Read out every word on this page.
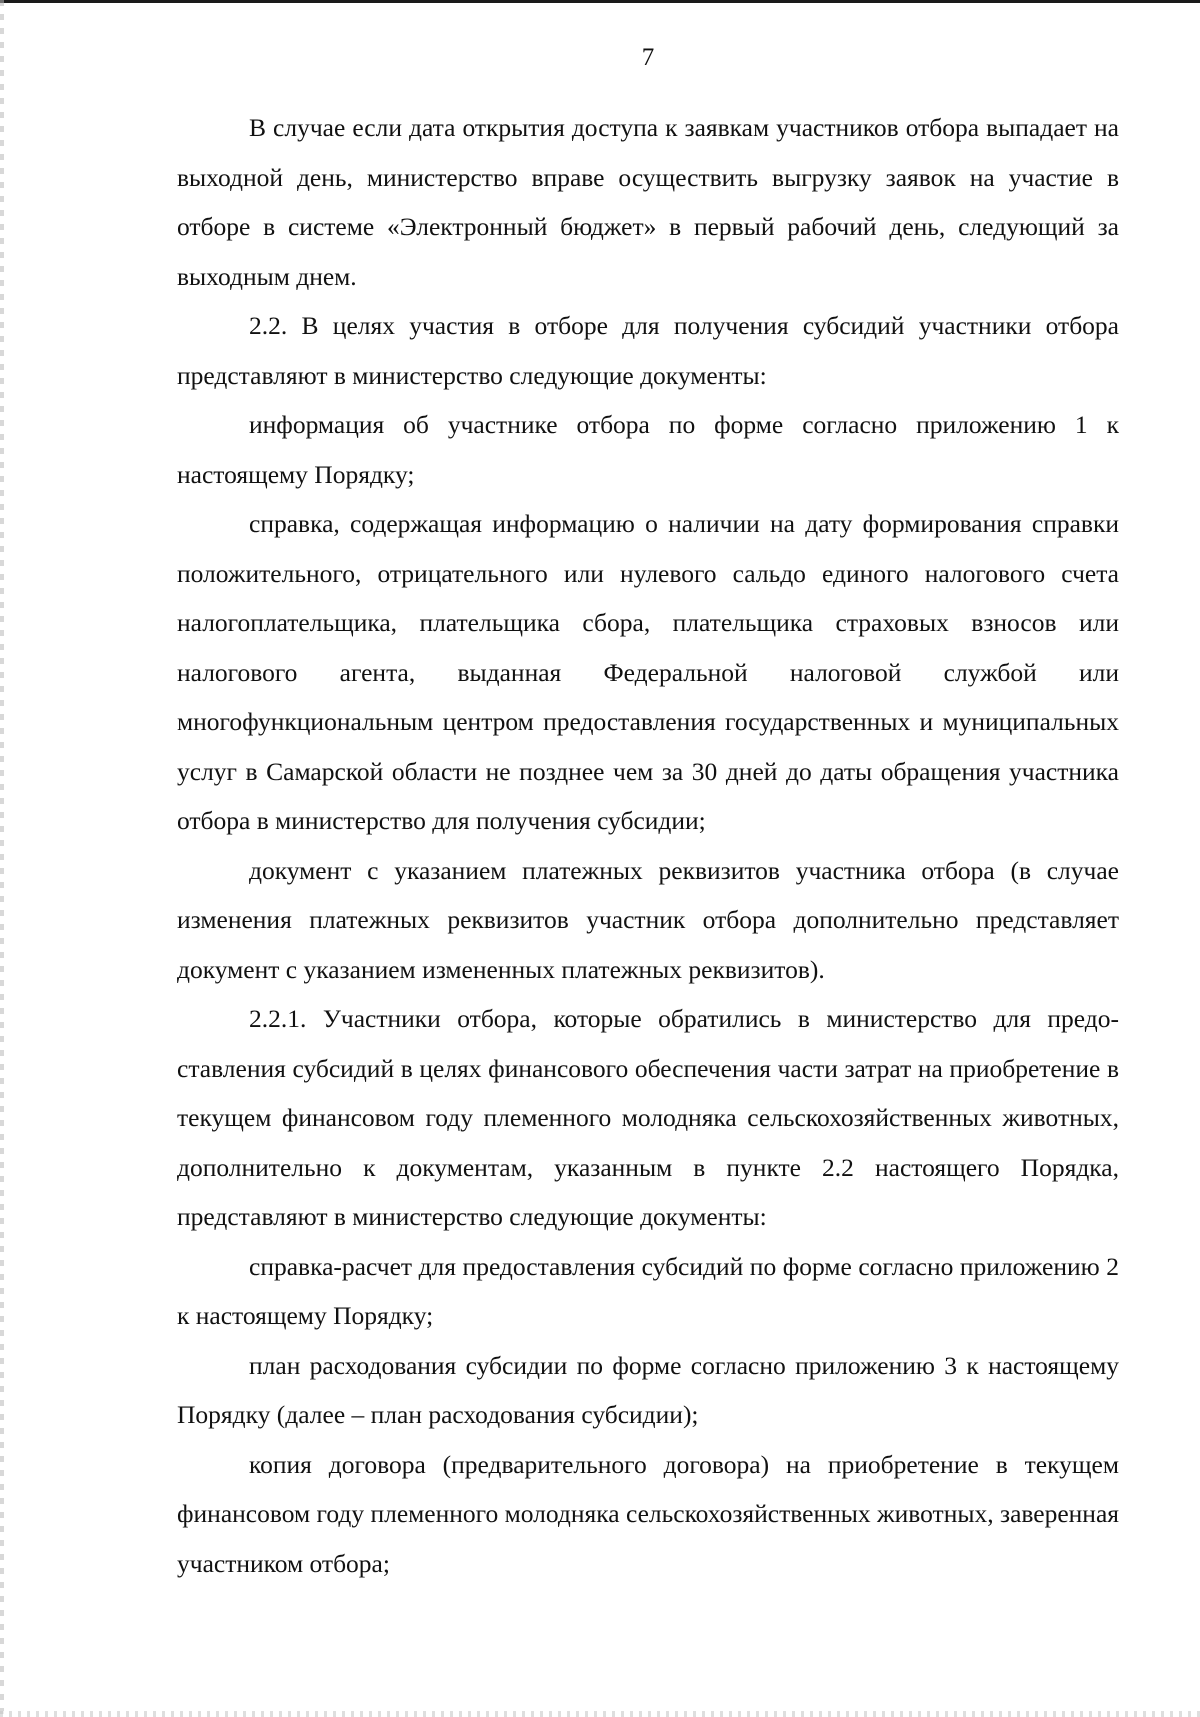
7

В случае если дата открытия доступа к заявкам участников отбора выпадает на выходной день, министерство вправе осуществить выгрузку заявок на участие в отборе в системе «Электронный бюджет» в первый рабочий день, следующий за выходным днем.

2.2. В целях участия в отборе для получения субсидий участники отбора представляют в министерство следующие документы:

информация об участнике отбора по форме согласно приложению 1 к настоящему Порядку;

справка, содержащая информацию о наличии на дату формирования справки положительного, отрицательного или нулевого сальдо единого налогового счета налогоплательщика, плательщика сбора, плательщика страховых взносов или налогового агента, выданная Федеральной налоговой службой или многофункциональным центром предоставления государственных и муниципальных услуг в Самарской области не позднее чем за 30 дней до даты обращения участника отбора в министерство для получения субсидии;

документ с указанием платежных реквизитов участника отбора (в случае изменения платежных реквизитов участник отбора дополнительно представляет документ с указанием измененных платежных реквизитов).

2.2.1. Участники отбора, которые обратились в министерство для предоставления субсидий в целях финансового обеспечения части затрат на приобретение в текущем финансовом году племенного молодняка сельскохозяйственных животных, дополнительно к документам, указанным в пункте 2.2 настоящего Порядка, представляют в министерство следующие документы:

справка-расчет для предоставления субсидий по форме согласно приложению 2 к настоящему Порядку;

план расходования субсидии по форме согласно приложению 3 к настоящему Порядку (далее – план расходования субсидии);

копия договора (предварительного договора) на приобретение в текущем финансовом году племенного молодняка сельскохозяйственных животных, заверенная участником отбора;
